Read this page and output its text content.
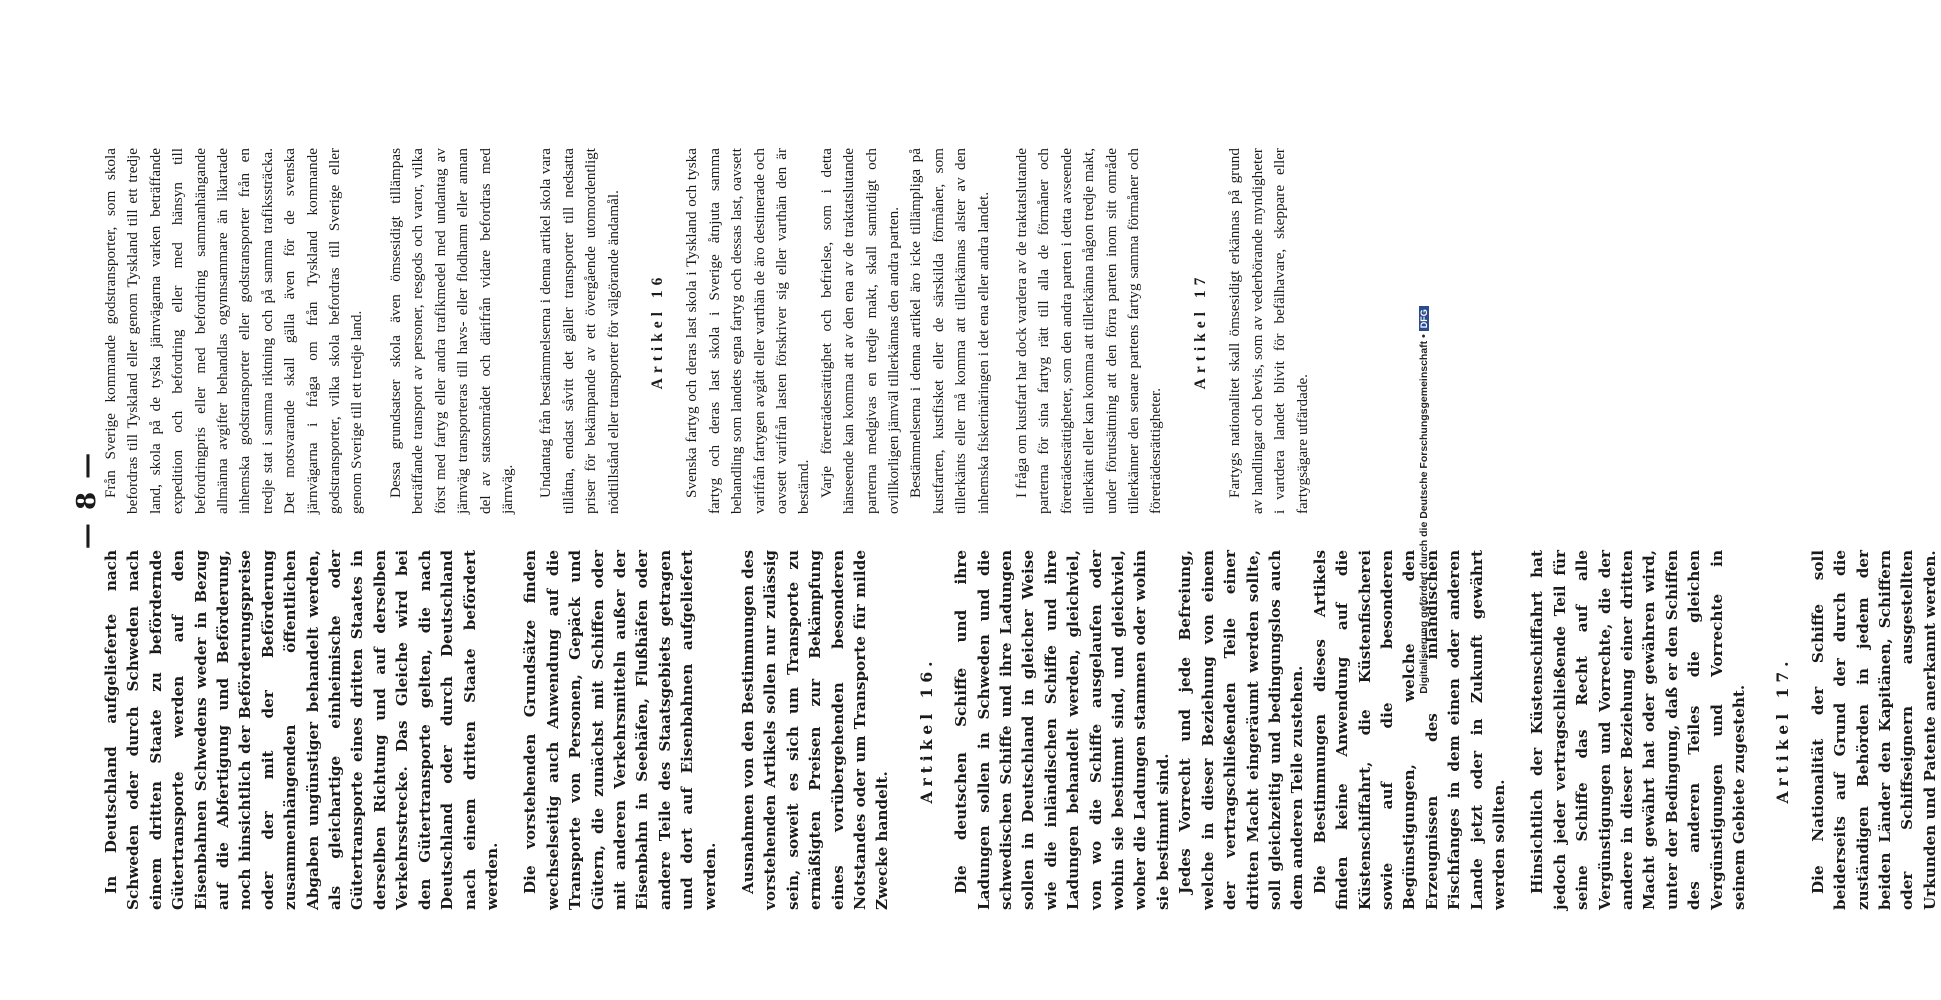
— 8 —

In Deutschland aufgelieferte nach Schweden oder durch Schweden nach einem dritten Staate zu befördernde Gütertransporte werden auf den Eisenbahnen Schwedens weder in Bezug auf die Abfertigung und Beförderung, noch hinsichtlich der Beförderungspreise oder der mit der Beförderung zusammenhängenden öffentlichen Abgaben ungünstiger behandelt werden, als gleichartige einheimische oder Gütertransporte eines dritten Staates in derselben Richtung und auf derselben Verkehrsstrecke. Das Gleiche wird bei den Gütertransporte gelten, die nach Deutschland oder durch Deutschland nach einem dritten Staate befördert werden. Die vorstehenden Grundsätze finden wechselseitig auch Anwendung auf die Transporte von Personen, Gepäck und Gütern, die zunächst mit Schiffen oder mit anderen Verkehrsmitteln außer der Eisenbahn in Seehäfen, Flußhäfen oder andere Teile des Staatsgebiets getragen und dort auf Eisenbahnen aufgeliefert werden. Ausnahmen von den Bestimmungen des vorstehenden Artikels sollen nur zulässig sein, soweit es sich um Transporte zu ermäßigten Preisen zur Bekämpfung eines vorübergehenden besonderen Notstandes oder um Transporte für milde Zwecke handelt.

Artikel 16. Die deutschen Schiffe und ihre Ladungen sollen in Schweden und die schwedischen Schiffe und ihre Ladungen sollen in Deutschland in gleicher Weise wie die inländischen Schiffe und ihre Ladungen behandelt werden, gleichviel, von wo die Schiffe ausgelaufen oder wohin sie bestimmt sind, und gleichviel, woher die Ladungen stammen oder wohin sie bestimmt sind. Jedes Vorrecht und jede Befreiung, welche in dieser Beziehung von einem der vertragschließenden Teile einer dritten Macht eingeräumt werden sollte, soll gleichzeitig und bedingungslos auch dem anderen Teile zustehen. Die Bestimmungen dieses Artikels finden keine Anwendung auf die Küstenschiffahrt, die Küstenfischerei sowie auf die besonderen Begünstigungen, welche den Erzeugnissen des inländischen Fischfanges in dem einen oder anderen Lande jetzt oder in Zukunft gewährt werden sollten. Hinsichtlich der Küstenschiffahrt hat jedoch jeder vertragschließende Teil für seine Schiffe das Recht auf alle Vergünstigungen und Vorrechte, die der andere in dieser Beziehung einer dritten Macht gewährt hat oder gewähren wird, unter der Bedingung, daß er den Schiffen des anderen Teiles die gleichen Vergünstigungen und Vorrechte in seinem Gebiete zugesteht. Artikel 17. Die Nationalität der Schiffe soll beiderseits auf Grund der durch die zuständigen Behörden in jedem der beiden Länder den Kapitänen, Schiffern oder Schiffseignern ausgestellten Urkunden und Patente anerkannt werden.

Från Sverige kommande godstransporter, som skola befordras till Tyskland eller genom Tyskland till ett tredje land, skola på de tyska järnvägarna varken beträffande expedition och befordring eller med hänsyn till befordringpris eller med befordring sammanhängande allmänna avgifter behandlas ogynnsammare än likartade inhemska godstransporter eller godstransporter från en tredje stat i samma riktning och på samma trafikssträcka. Det motsvarande skall gälla även för de svenska järnvägarna i fråga om från Tyskland kommande godstransporter, vilka skola befordras till Sverige eller genom Sverige till ett tredje land. Dessa grundsatser skola även ömsesidigt tillämpas beträffande transport av personer, resgods och varor, vilka först med fartyg eller andra trafikmedel med undantag av järnväg transporteras till havs- eller flodhamn eller annan del av statsområdet och därifrån vidare befordras med järnväg. Undantag från bestämmelserna i denna artikel skola vara tillåtna, endast såvitt det gäller transporter till nedsatta priser för bekämpande av ett övergående utomordentligt nödtillstånd eller transporter för välgörande ändamål. Artikel 16 Svenska fartyg och deras last skola i Tyskland och tyska fartyg och deras last skola i Sverige åtnjuta samma behandling som landets egna fartyg och dessas last, oavsett varifrån fartygen avgått eller varthän de äro destinerade och oavsett varifrån lasten förskriver sig eller varthän den är bestämd. Varje företrädesrättighet och befrielse, som i detta hänseende kan komma att av den ena av de traktatslutande parterna medgivas en tredje makt, skall samtidigt och ovillkorligen jämväl tillerkännas den andra parten. Bestämmelserna i denna artikel äro icke tillämpliga på kustfarten, kustfisket eller de särskilda förmåner, som tillerkänts eller må komma att tillerkännas alster av den inhemska fiskerinäringen i det ena eller andra landet. I fråga om kustfart har dock vardera av de traktatslutande parterna för sina fartyg rätt till alla de förmåner och företrädesrättigheter, som den andra parten i detta avseende tillerkänt eller kan komma att tillerkänna någon tredje makt, under förutsättning att den förra parten inom sitt område tillerkänner den senare partens fartyg samma förmåner och företrädesrättigheter.

Artikel 17 Fartygs nationalitet skall ömsesidigt erkännas på grund av handlingar och bevis, som av vederbörande myndigheter i vartdera landet blivit för befälhavare, skeppare eller fartygsägare utfärdade.	Digitalisierung gefördert durch die Deutsche Forschungsgemeinschaft •DFG
